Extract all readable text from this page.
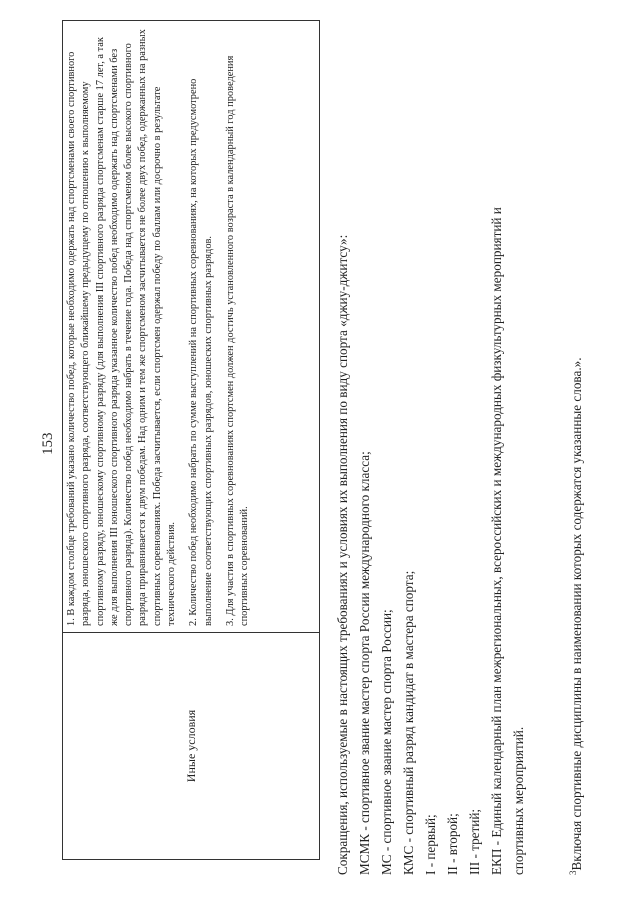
153
Иные условия	

1. В каждом столбце требований указано количество побед, которые необходимо одержать над спортсменами своего спортивного разряда, юношеского спортивного разряда, соответствующего ближайшему предыдущему по отношению к выполняемому спортивному разряду, юношескому спортивному разряду (для выполнения III спортивного разряда спортсменам старше 17 лет, а так же для выполнения III юношеского спортивного разряда указанное количество побед необходимо одержать над спортсменами без спортивного разряда). Количество побед необходимо набрать в течение года. Победа над спортсменом более высокого спортивного разряда приравнивается к двум победам. Над одним и тем же спортсменом засчитывается не более двух побед, одержанных на разных спортивных соревнованиях. Победа засчитывается, если спортсмен одержал победу по баллам или досрочно в результате технического действия. 2. Количество побед необходимо набрать по сумме выступлений на спортивных соревнованиях, на которых предусмотрено выполнение соответствующих спортивных разрядов, юношеских спортивных разрядов. 3. Для участия в спортивных соревнованиях спортсмен должен достичь установленного возраста в календарный год проведения спортивных соревнований.	Сокращения, используемые в настоящих требованиях и условиях их выполнения по виду спорта «джиу-джитсу»: МСМК - спортивное звание мастер спорта России международного класса; МС - спортивное звание мастер спорта России; КМС - спортивный разряд кандидат в мастера спорта; I - первый; II - второй; III - третий; ЕКП - Единый календарный план межрегиональных, всероссийских и международных физкультурных мероприятий и спортивных мероприятий.	$^3$Включая спортивные дисциплины в наименовании которых содержатся указанные слова.».
